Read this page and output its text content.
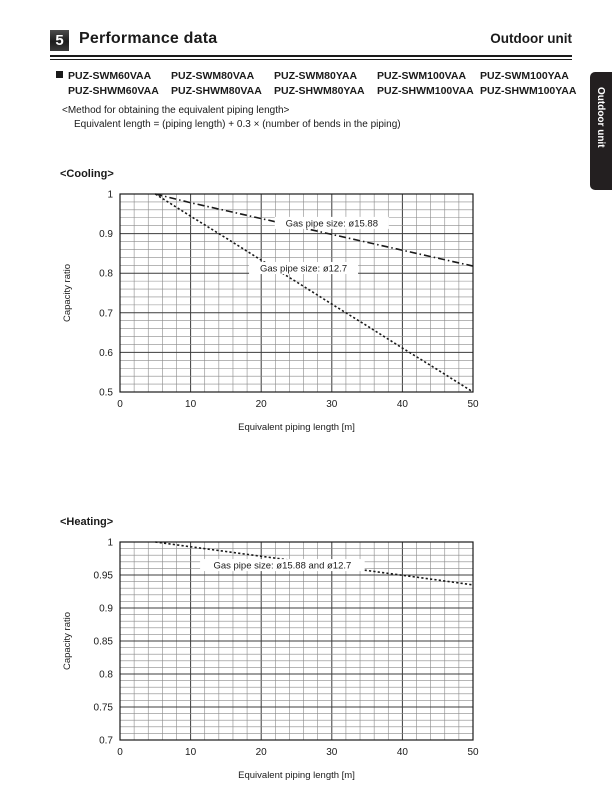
5 Performance data	Outdoor unit
Outdoor unit
PUZ-SWM60VAA PUZ-SWM80VAA PUZ-SWM80YAA PUZ-SWM100VAA PUZ-SWM100YAA
PUZ-SHWM60VAA PUZ-SHWM80VAA PUZ-SHWM80YAA PUZ-SHWM100VAA PUZ-SHWM100YAA
<Method for obtaining the equivalent piping length>
Equivalent length = (piping length) + 0.3 × (number of bends in the piping)
<Cooling>
0.5
0.6
0.7
0.8
0.9
1
0	10	20	30	40	50
Equivalent piping length [m]
Capacity ratio
Gas pipe size: ø15.88
Gas pipe size: ø12.7
<Heating>
0.7
0.75
0.8
0.85
0.9
0.95
1
0	10	20	30	40	50
Equivalent piping length [m]
Capacity ratio
Gas pipe size: ø15.88 and ø12.7
